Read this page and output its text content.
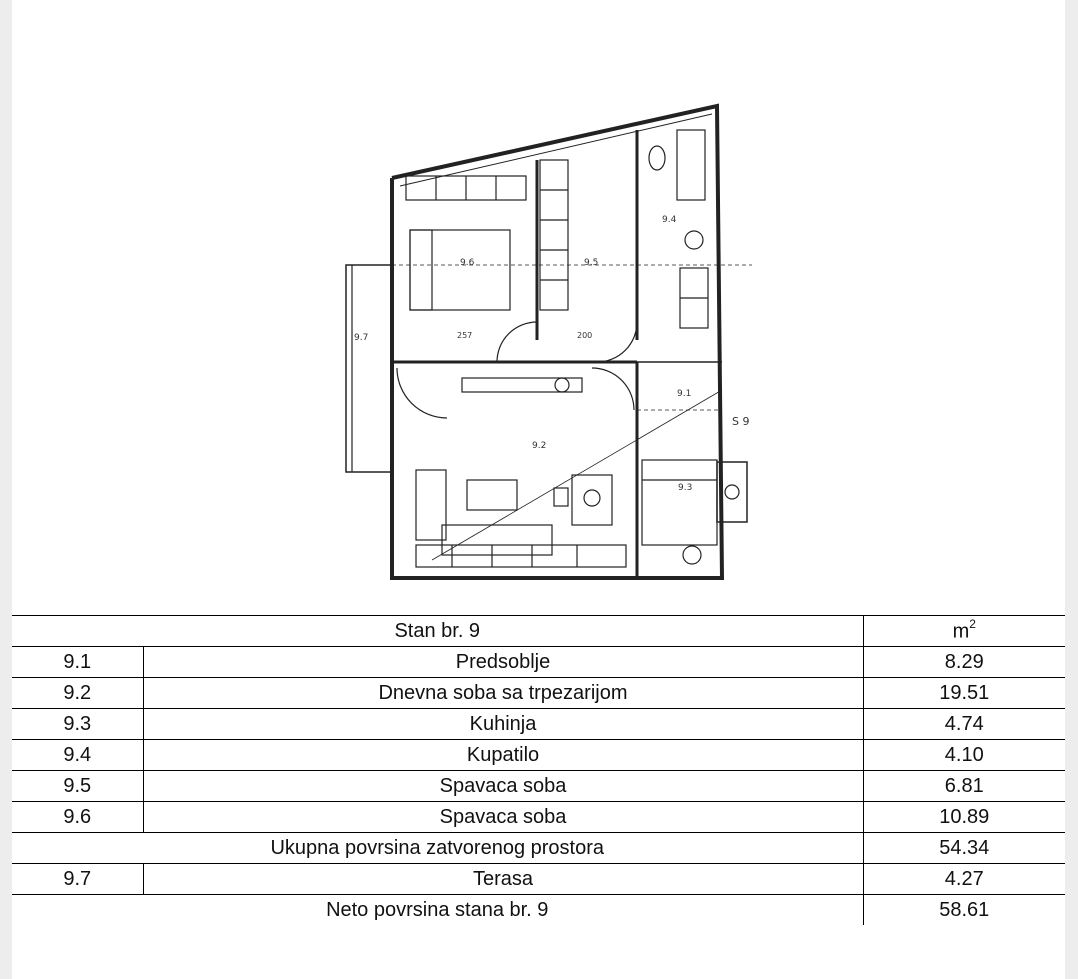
9.6	9.5
9.4
9.7
9.2
9.3
9.1
S 9
257	200
Stan br. 9		$m^2$
9.1	Predsoblje	8.29
9.2	Dnevna soba sa trpezarijom	19.51
9.3	Kuhinja	4.74
9.4	Kupatilo	4.10
9.5	Spavaca soba	6.81
9.6	Spavaca soba	10.89
Ukupna povrsina zatvorenog prostora		54.34
9.7	Terasa	4.27
Neto povrsina stana br. 9		58.61
